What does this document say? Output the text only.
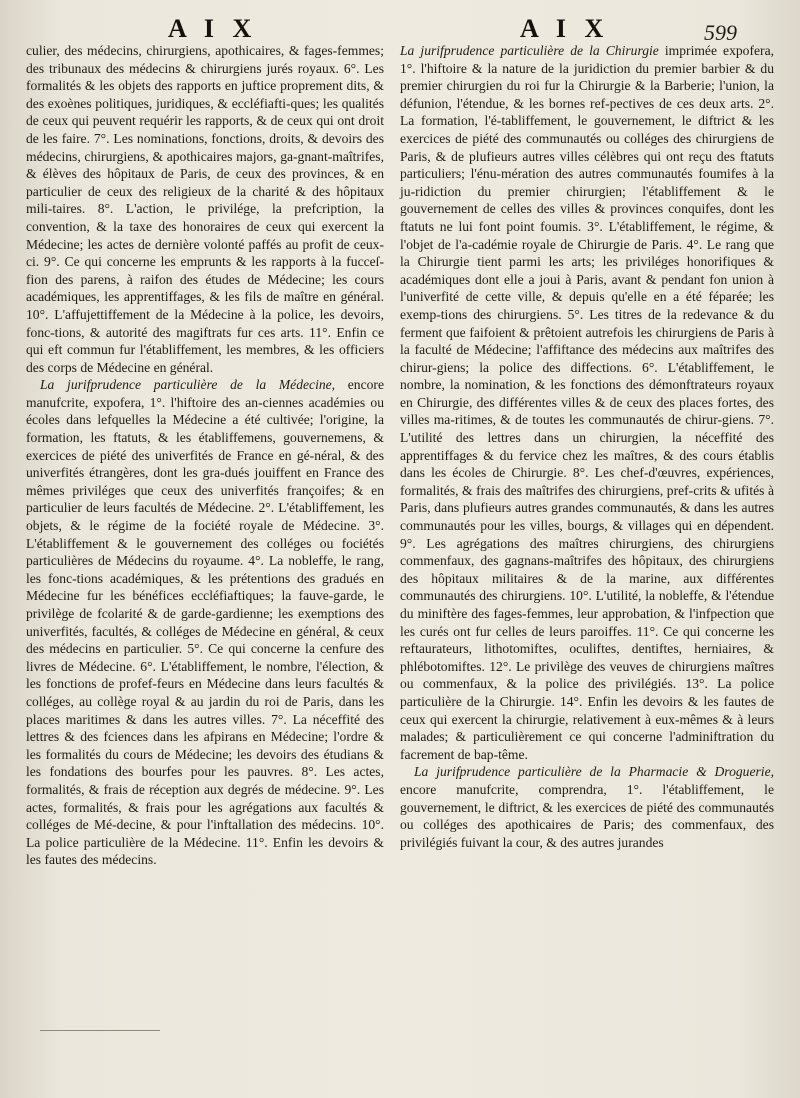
A I X	A I X	599

culier, des médecins, chirurgiens, apothicaires, & fages-femmes; des tribunaux des médecins & chirurgiens jurés royaux. 6°. Les formalités & les objets des rapports en juftice proprement dits, & des exoènes politiques, juridiques, & eccléfiafti-ques; les qualités de ceux qui peuvent requérir les rapports, & de ceux qui ont droit de les faire. 7°. Les nominations, fonctions, droits, & devoirs des médecins, chirurgiens, & apothicaires majors, ga-gnant-maîtrifes, & élèves des hôpitaux de Paris, de ceux des provinces, & en particulier de ceux des religieux de la charité & des hôpitaux mili-taires. 8°. L'action, le privilége, la prefcription, la convention, & la taxe des honoraires de ceux qui exercent la Médecine; les actes de dernière volonté paffés au profit de ceux-ci. 9°. Ce qui concerne les emprunts & les rapports à la fucceſ-fion des parens, à raifon des études de Médecine; les cours académiques, les apprentiffages, & les fils de maître en général. 10°. L'affujettiffement de la Médecine à la police, les devoirs, fonc-tions, & autorité des magiftrats fur ces arts. 11°. Enfin ce qui eft commun fur l'établiffement, les membres, & les officiers des corps de Médecine en général.

La jurifprudence particulière de la Médecine, encore manufcrite, expofera, 1°. l'hiftoire des an-ciennes académies ou écoles dans lefquelles la Médecine a été cultivée; l'origine, la formation, les ftatuts, & les établiffemens, gouvernemens, & exercices de piété des univerfités de France en gé-néral, & des univerfités étrangères, dont les gra-dués jouiffent en France des mêmes priviléges que ceux des univerfités françoifes; & en particulier de leurs facultés de Médecine. 2°. L'établiffement, les objets, & le régime de la fociété royale de Médecine. 3°. L'établiffement & le gouvernement des colléges ou fociétés particulières de Médecins du royaume. 4°. La nobleffe, le rang, les fonc-tions académiques, & les prétentions des gradués en Médecine fur les bénéfices eccléfiaftiques; la fauve-garde, le privilège de fcolarité & de garde-gardienne; les exemptions des univerfités, facultés, & colléges de Médecine en général, & ceux des médecins en particulier. 5°. Ce qui concerne la cenfure des livres de Médecine. 6°. L'établiffement, le nombre, l'élection, & les fonctions de profef-feurs en Médecine dans leurs facultés & colléges, au collège royal & au jardin du roi de Paris, dans les places maritimes & dans les autres villes. 7°. La néceffité des lettres & des fciences dans les afpirans en Médecine; l'ordre & les formalités du cours de Médecine; les devoirs des étudians & les fondations des bourfes pour les pauvres. 8°. Les actes, formalités, & frais de réception aux degrés de médecine. 9°. Les actes, formalités, & frais pour les agrégations aux facultés & colléges de Mé-decine, & pour l'inftallation des médecins. 10°. La police particulière de la Médecine. 11°. Enfin les devoirs & les fautes des médecins.

La jurifprudence particulière de la Chirurgie imprimée expofera, 1°. l'hiftoire & la nature de la juridiction du premier barbier & du premier chirurgien du roi fur la Chirurgie & la Barberie; l'union, la défunion, l'étendue, & les bornes ref-pectives de ces deux arts. 2°. La formation, l'é-tabliffement, le gouvernement, le diftrict & les exercices de piété des communautés ou colléges des chirurgiens de Paris, & de plufieurs autres villes célèbres qui ont reçu des ftatuts particuliers; l'énu-mération des autres communautés foumifes à la ju-ridiction du premier chirurgien; l'établiffement & le gouvernement de celles des villes & provinces conquifes, dont les ftatuts ne lui font point foumis. 3°. L'établiffement, le régime, & l'objet de l'a-cadémie royale de Chirurgie de Paris. 4°. Le rang que la Chirurgie tient parmi les arts; les priviléges honorifiques & académiques dont elle a joui à Paris, avant & pendant fon union à l'univerfité de cette ville, & depuis qu'elle en a été féparée; les exemp-tions des chirurgiens. 5°. Les titres de la redevance & du ferment que faifoient & prêtoient autrefois les chirurgiens de Paris à la faculté de Médecine; l'affiftance des médecins aux maîtrifes des chirur-giens; la police des diffections. 6°. L'établiffement, le nombre, la nomination, & les fonctions des démonftrateurs royaux en Chirurgie, des différentes villes & de ceux des places fortes, des villes ma-ritimes, & de toutes les communautés de chirur-giens. 7°. L'utilité des lettres dans un chirurgien, la néceffité des apprentiffages & du fervice chez les maîtres, & des cours établis dans les écoles de Chirurgie. 8°. Les chef-d'œuvres, expériences, formalités, & frais des maîtrifes des chirurgiens, pref-crits & ufités à Paris, dans plufieurs autres grandes communautés, & dans les autres communautés pour les villes, bourgs, & villages qui en dépendent. 9°. Les agrégations des maîtres chirurgiens, des chirurgiens commenfaux, des gagnans-maîtrifes des hôpitaux, des chirurgiens des hôpitaux militaires & de la marine, aux différentes communautés des chirurgiens. 10°. L'utilité, la nobleffe, & l'étendue du miniftère des fages-femmes, leur approbation, & l'infpection que les curés ont fur celles de leurs paroiffes. 11°. Ce qui concerne les reftaurateurs, lithotomiftes, oculiftes, dentiftes, herniaires, & phlébotomiftes. 12°. Le privilège des veuves de chirurgiens maîtres ou commenfaux, & la police des privilégiés. 13°. La police particulière de la Chirurgie. 14°. Enfin les devoirs & les fautes de ceux qui exercent la chirurgie, relativement à eux-mêmes & à leurs malades; & particulièrement ce qui concerne l'adminiftration du facrement de bap-tême.

La jurifprudence particulière de la Pharmacie & Droguerie, encore manufcrite, comprendra, 1°. l'établiffement, le gouvernement, le diftrict, & les exercices de piété des communautés ou colléges des apothicaires de Paris; des commenfaux, des privilégiés fuivant la cour, & des autres jurandes
